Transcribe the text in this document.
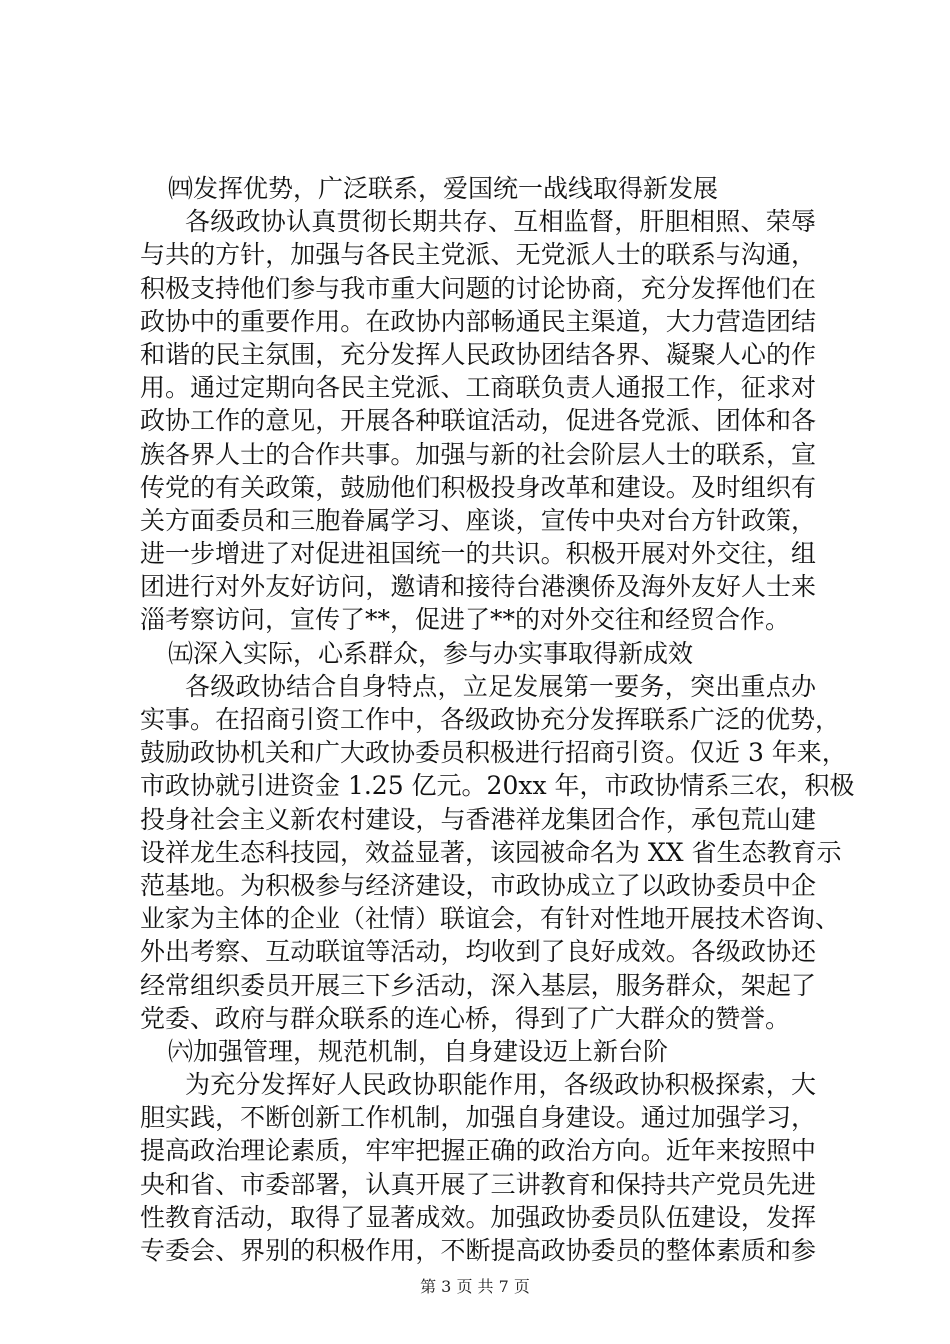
㈣发挥优势，广泛联系，爱国统一战线取得新发展
各级政协认真贯彻长期共存、互相监督，肝胆相照、荣辱
与共的方针，加强与各民主党派、无党派人士的联系与沟通，
积极支持他们参与我市重大问题的讨论协商，充分发挥他们在
政协中的重要作用。在政协内部畅通民主渠道，大力营造团结
和谐的民主氛围，充分发挥人民政协团结各界、凝聚人心的作
用。通过定期向各民主党派、工商联负责人通报工作，征求对
政协工作的意见，开展各种联谊活动，促进各党派、团体和各
族各界人士的合作共事。加强与新的社会阶层人士的联系，宣
传党的有关政策，鼓励他们积极投身改革和建设。及时组织有
关方面委员和三胞眷属学习、座谈，宣传中央对台方针政策，
进一步增进了对促进祖国统一的共识。积极开展对外交往，组
团进行对外友好访问，邀请和接待台港澳侨及海外友好人士来
淄考察访问，宣传了**，促进了**的对外交往和经贸合作。
㈤深入实际，心系群众，参与办实事取得新成效
各级政协结合自身特点，立足发展第一要务，突出重点办
实事。在招商引资工作中，各级政协充分发挥联系广泛的优势，
鼓励政协机关和广大政协委员积极进行招商引资。仅近 3 年来，
市政协就引进资金 1.25 亿元。20xx 年，市政协情系三农，积极
投身社会主义新农村建设，与香港祥龙集团合作，承包荒山建
设祥龙生态科技园，效益显著，该园被命名为 XX 省生态教育示
范基地。为积极参与经济建设，市政协成立了以政协委员中企
业家为主体的企业（社情）联谊会，有针对性地开展技术咨询、
外出考察、互动联谊等活动，均收到了良好成效。各级政协还
经常组织委员开展三下乡活动，深入基层，服务群众，架起了
党委、政府与群众联系的连心桥，得到了广大群众的赞誉。
㈥加强管理，规范机制，自身建设迈上新台阶
为充分发挥好人民政协职能作用，各级政协积极探索，大
胆实践，不断创新工作机制，加强自身建设。通过加强学习，
提高政治理论素质，牢牢把握正确的政治方向。近年来按照中
央和省、市委部署，认真开展了三讲教育和保持共产党员先进
性教育活动，取得了显著成效。加强政协委员队伍建设，发挥
专委会、界别的积极作用，不断提高政协委员的整体素质和参
第 3 页 共 7 页
